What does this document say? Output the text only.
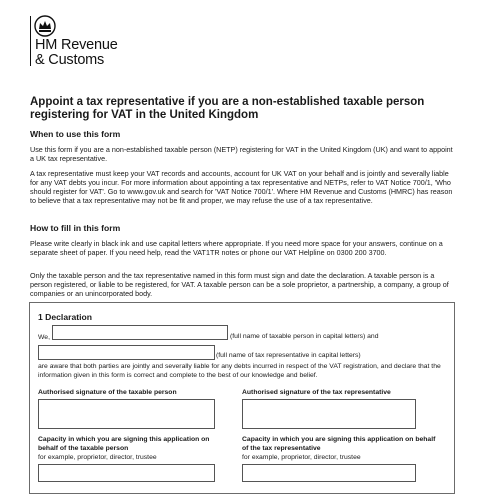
HM Revenue
& Customs
Appoint a tax representative if you are a non-established taxable person registering for VAT in the United Kingdom
When to use this form

Use this form if you are a non-established taxable person (NETP) registering for VAT in the United Kingdom (UK) and want to appoint a UK tax representative.

A tax representative must keep your VAT records and accounts, account for UK VAT on your behalf and is jointly and severally liable for any VAT debts you incur. For more information about appointing a tax representative and NETPs, refer to VAT Notice 700/1, 'Who should register for VAT'. Go to www.gov.uk and search for 'VAT Notice 700/1'. Where HM Revenue and Customs (HMRC) has reason to believe that a tax representative may not be fit and proper, we may refuse the use of a tax representative.

How to fill in this form

Please write clearly in black ink and use capital letters where appropriate. If you need more space for your answers, continue on a separate sheet of paper. If you need help, read the VAT1TR notes or phone our VAT Helpline on 0300 200 3700.

Only the taxable person and the tax representative named in this form must sign and date the declaration. A taxable person is a person registered, or liable to be registered, for VAT. A taxable person can be a sole proprietor, a partnership, a company, a group of companies or an unincorporated body.

1 Declaration
We,	(full name of taxable person in capital letters) and
(full name of tax representative in capital letters)
are aware that both parties are jointly and severally liable for any debts incurred in respect of the VAT registration, and declare that the information given in this form is correct and complete to the best of our knowledge and belief.
Authorised signature of the taxable person	Authorised signature of the tax representative
Capacity in which you are signing this application on behalf of the taxable person
for example, proprietor, director, trustee
Capacity in which you are signing this application on behalf of the tax representative
for example, proprietor, director, trustee
